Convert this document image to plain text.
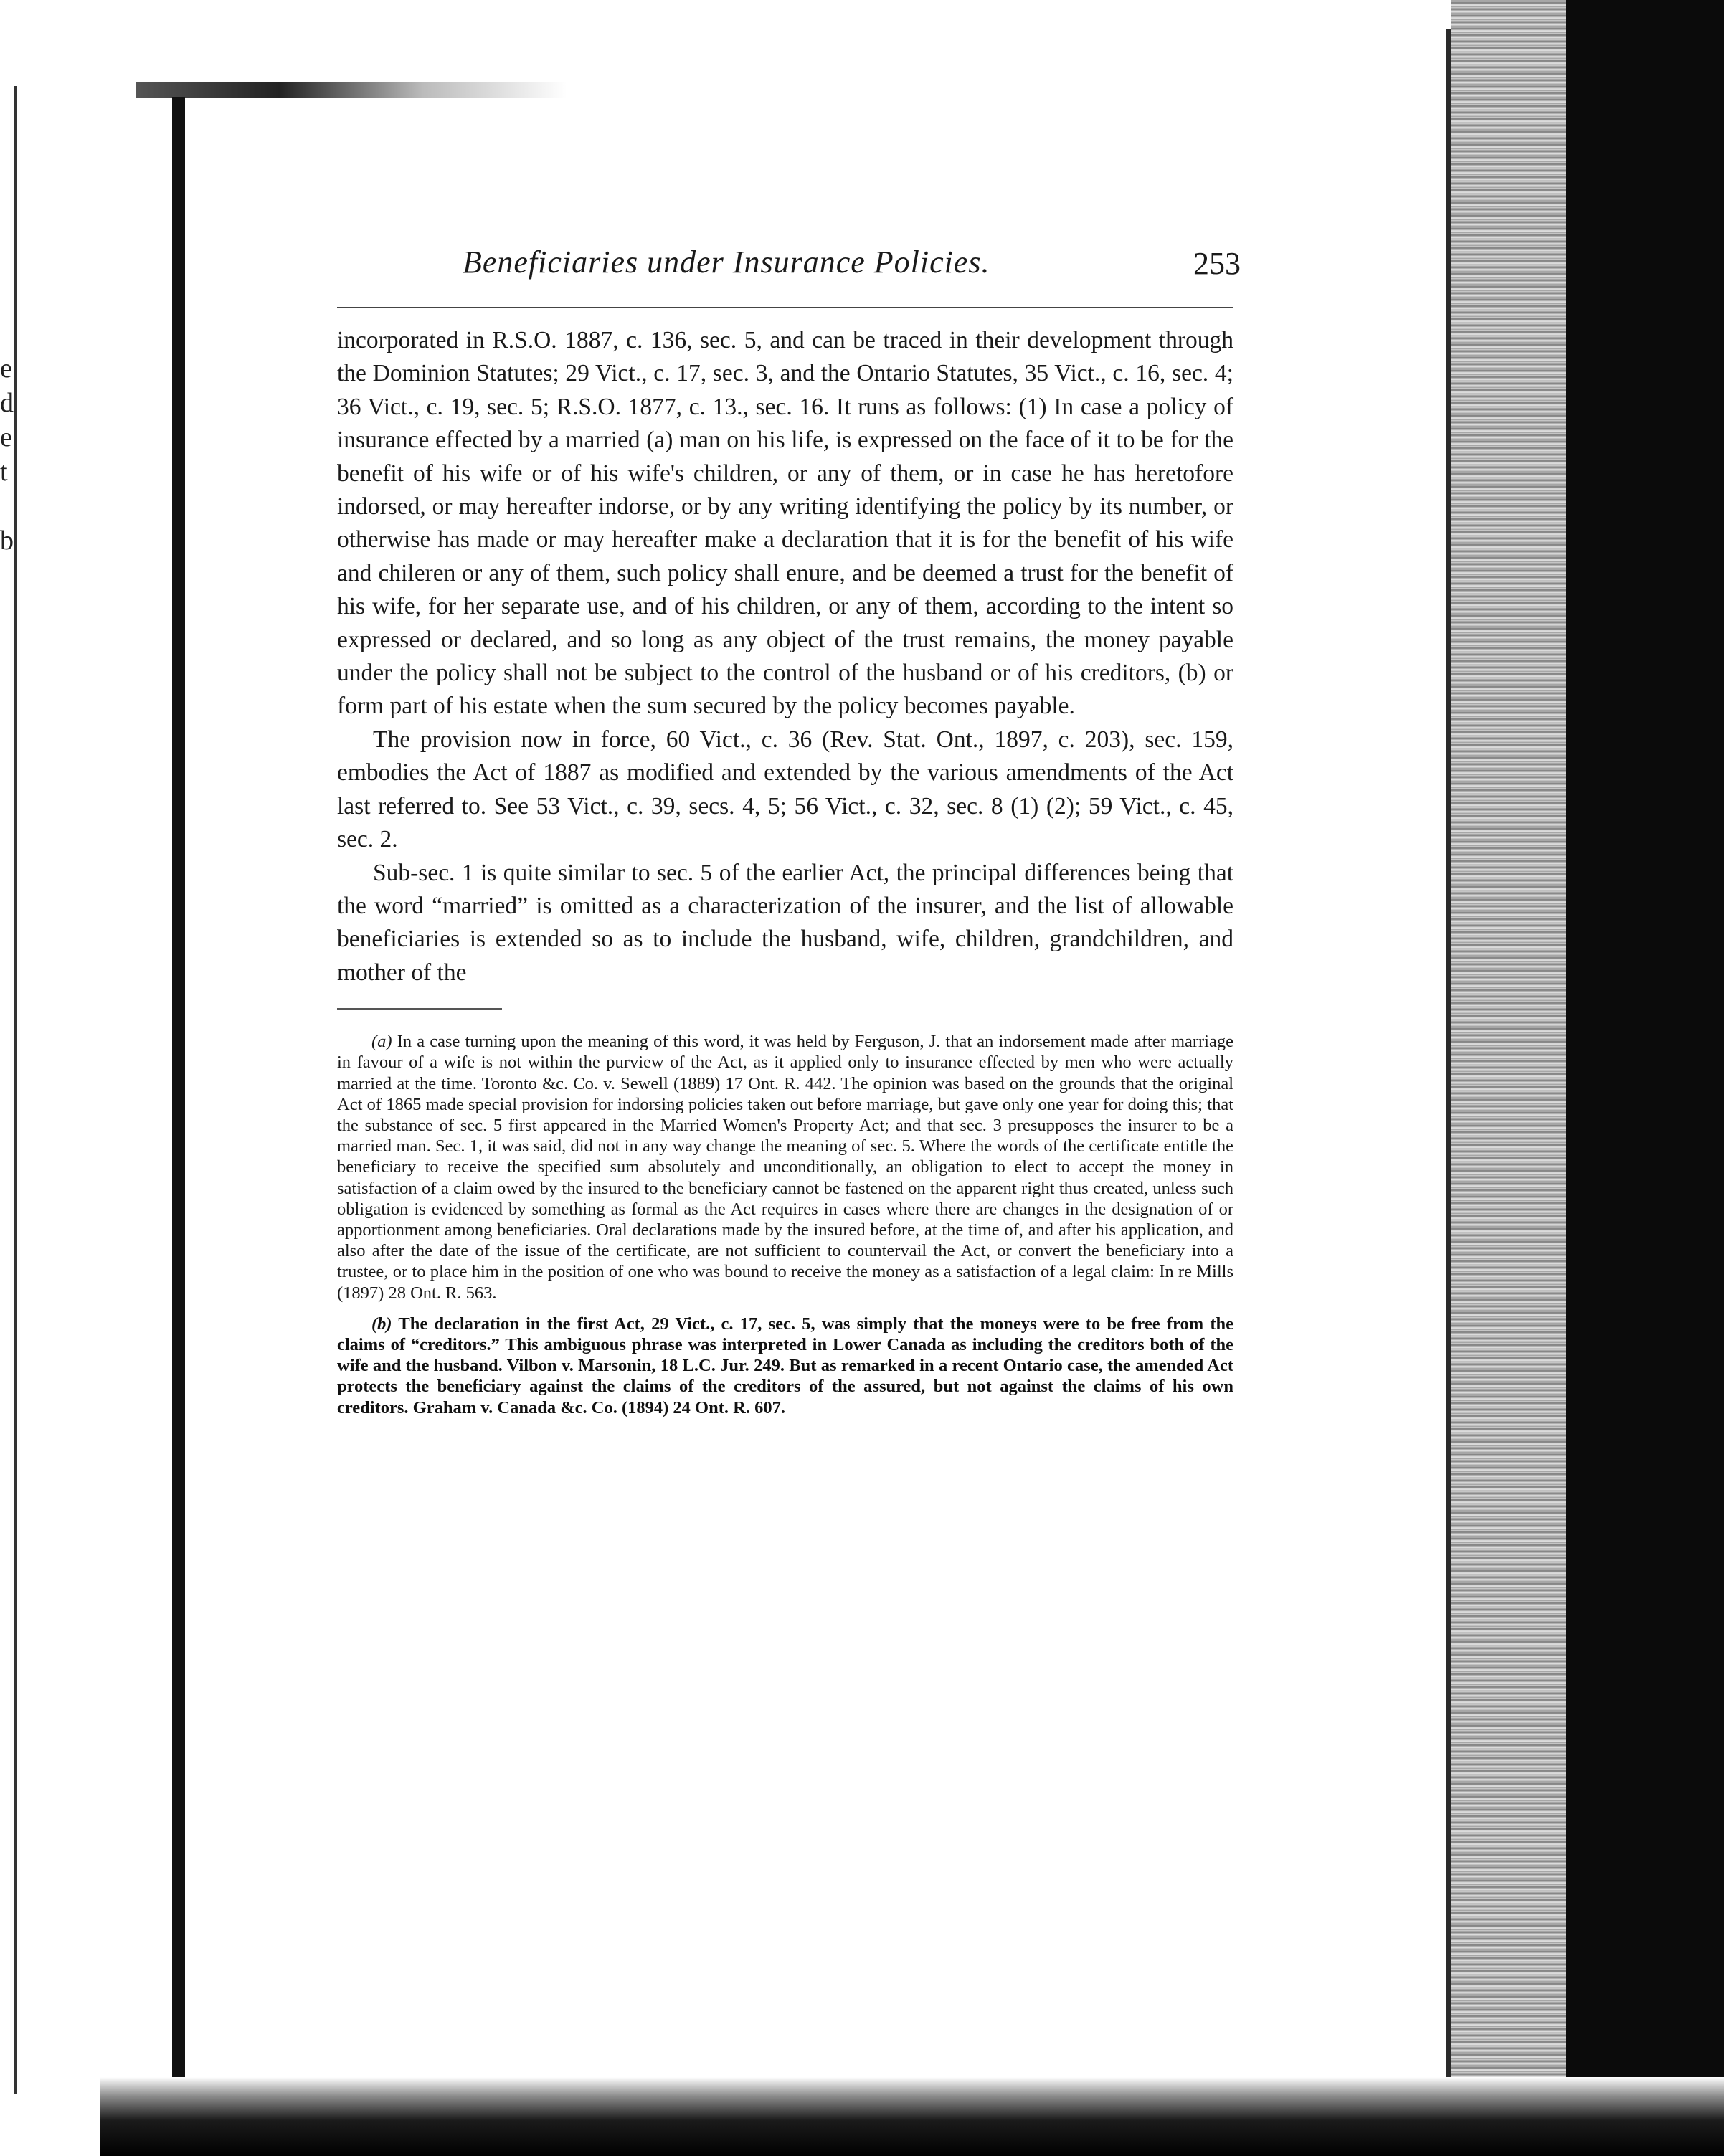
e
d
e
t
b
Beneficiaries under Insurance Policies.	253

incorporated in R.S.O. 1887, c. 136, sec. 5, and can be traced in their development through the Dominion Statutes; 29 Vict., c. 17, sec. 3, and the Ontario Statutes, 35 Vict., c. 16, sec. 4; 36 Vict., c. 19, sec. 5; R.S.O. 1877, c. 13., sec. 16. It runs as follows: (1) In case a policy of insurance effected by a married (a) man on his life, is expressed on the face of it to be for the benefit of his wife or of his wife's children, or any of them, or in case he has heretofore indorsed, or may hereafter indorse, or by any writing identifying the policy by its number, or otherwise has made or may hereafter make a declaration that it is for the benefit of his wife and chileren or any of them, such policy shall enure, and be deemed a trust for the benefit of his wife, for her separate use, and of his children, or any of them, according to the intent so expressed or declared, and so long as any object of the trust remains, the money payable under the policy shall not be subject to the control of the husband or of his creditors, (b) or form part of his estate when the sum secured by the policy becomes payable.

The provision now in force, 60 Vict., c. 36 (Rev. Stat. Ont., 1897, c. 203), sec. 159, embodies the Act of 1887 as modified and extended by the various amendments of the Act last referred to. See 53 Vict., c. 39, secs. 4, 5; 56 Vict., c. 32, sec. 8 (1) (2); 59 Vict., c. 45, sec. 2.

Sub-sec. 1 is quite similar to sec. 5 of the earlier Act, the principal differences being that the word “married” is omitted as a characterization of the insurer, and the list of allowable beneficiaries is extended so as to include the husband, wife, children, grandchildren, and mother of the

(a) In a case turning upon the meaning of this word, it was held by Ferguson, J. that an indorsement made after marriage in favour of a wife is not within the purview of the Act, as it applied only to insurance effected by men who were actually married at the time. Toronto &c. Co. v. Sewell (1889) 17 Ont. R. 442. The opinion was based on the grounds that the original Act of 1865 made special provision for indorsing policies taken out before marriage, but gave only one year for doing this; that the substance of sec. 5 first appeared in the Married Women's Property Act; and that sec. 3 presupposes the insurer to be a married man. Sec. 1, it was said, did not in any way change the meaning of sec. 5. Where the words of the certificate entitle the beneficiary to receive the specified sum absolutely and unconditionally, an obligation to elect to accept the money in satisfaction of a claim owed by the insured to the beneficiary cannot be fastened on the apparent right thus created, unless such obligation is evidenced by something as formal as the Act requires in cases where there are changes in the designation of or apportionment among beneficiaries. Oral declarations made by the insured before, at the time of, and after his application, and also after the date of the issue of the certificate, are not sufficient to countervail the Act, or convert the beneficiary into a trustee, or to place him in the position of one who was bound to receive the money as a satisfaction of a legal claim: In re Mills (1897) 28 Ont. R. 563.

(b) The declaration in the first Act, 29 Vict., c. 17, sec. 5, was simply that the moneys were to be free from the claims of “creditors.” This ambiguous phrase was interpreted in Lower Canada as including the creditors both of the wife and the husband. Vilbon v. Marsonin, 18 L.C. Jur. 249. But as remarked in a recent Ontario case, the amended Act protects the beneficiary against the claims of the creditors of the assured, but not against the claims of his own creditors. Graham v. Canada &c. Co. (1894) 24 Ont. R. 607.
